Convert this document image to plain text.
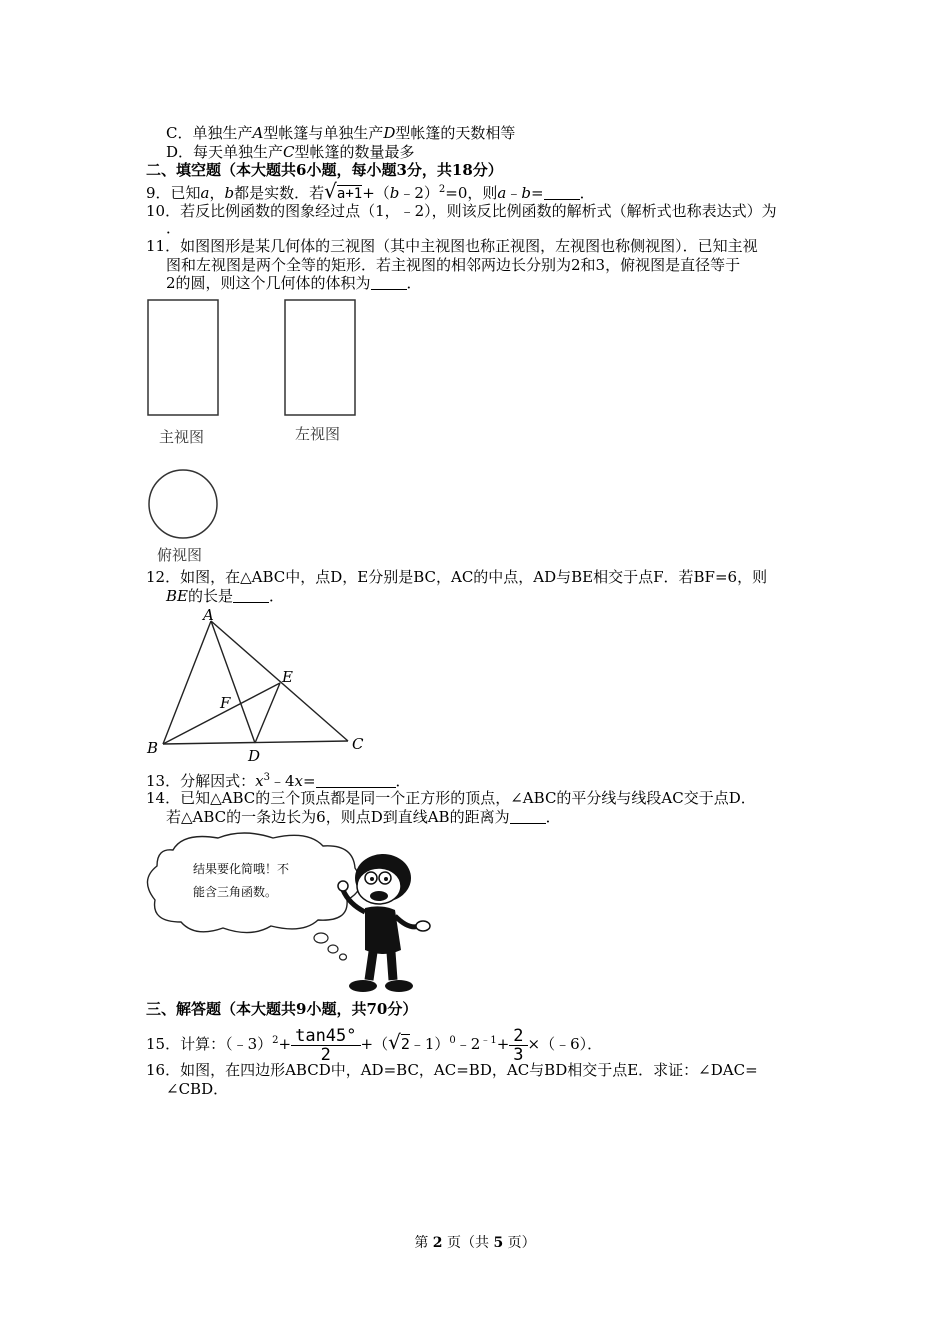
C．单独生产A型帐篷与单独生产D型帐篷的天数相等
D．每天单独生产C型帐篷的数量最多
二、填空题（本大题共6小题，每小题3分，共18分）
9．已知a，b都是实数．若√a+1+（b﹣2）$^2$=0，则a﹣b= ．
10．若反比例函数的图象经过点（1，﹣2），则该反比例函数的解析式（解析式也称表达式）为
．
11．如图图形是某几何体的三视图（其中主视图也称正视图，左视图也称侧视图）．已知主视
图和左视图是两个全等的矩形．若主视图的相邻两边长分别为2和3，俯视图是直径等于
2的圆，则这个几何体的体积为 ．
主视图	左视图
俯视图
12．如图，在△ABC中，点D，E分别是BC，AC的中点，AD与BE相交于点F．若BF=6，则
BE的长是 ．
A
B	C
D
E
F
13．分解因式：$x^3﹣4x=$	．
14．已知△ABC的三个顶点都是同一个正方形的顶点，∠ABC的平分线与线段AC交于点D．
若△ABC的一条边长为6，则点D到直线AB的距离为 ．
结果要化简哦！不
能含三角函数。
三、解答题（本大题共9小题，共70分）
15．计算：（﹣3）$^2$+ $\frac{\tan 45^\circ}{2}$ $+(√2﹣1)^0﹣2^{﹣1}+ \frac{2}{3}$ ×（﹣6）．
16．如图，在四边形ABCD中，AD=BC，AC=BD，AC与BD相交于点E．求证：∠DAC=
∠CBD．
第 2 页（共 5 页）
